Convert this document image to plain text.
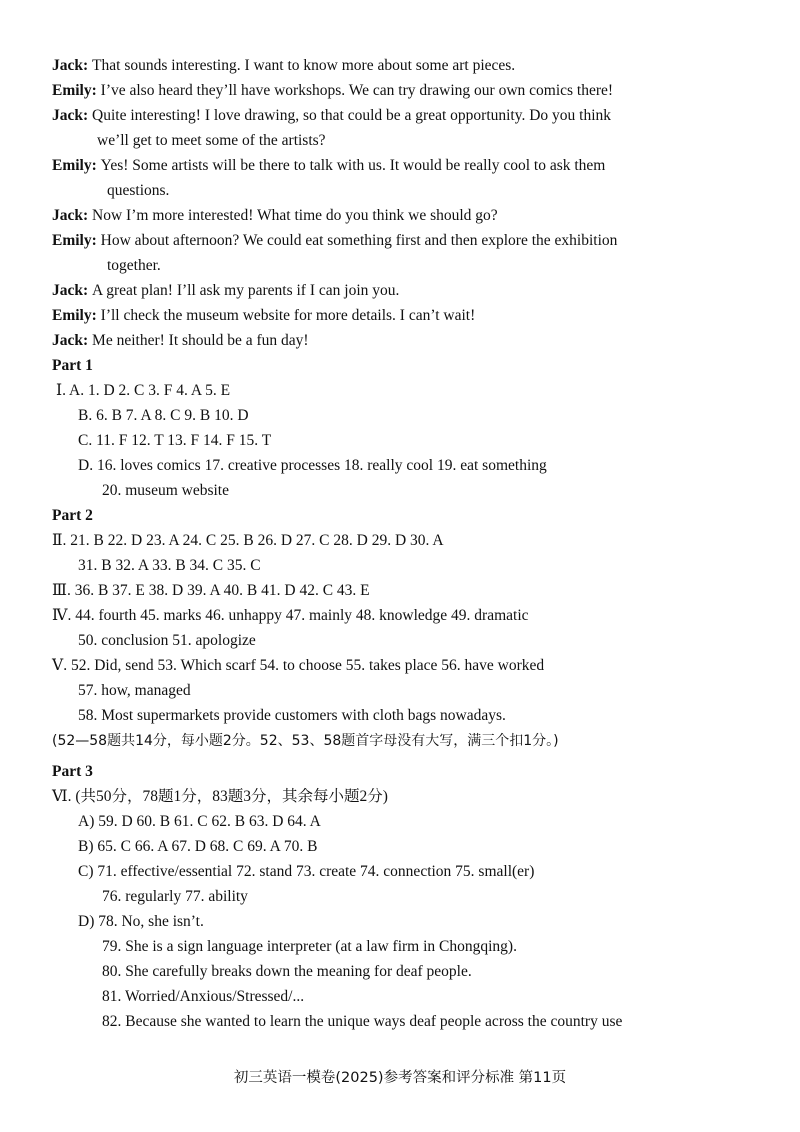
Jack: That sounds interesting. I want to know more about some art pieces.
Emily: I’ve also heard they’ll have workshops. We can try drawing our own comics there!
Jack: Quite interesting! I love drawing, so that could be a great opportunity. Do you think
we’ll get to meet some of the artists?
Emily: Yes! Some artists will be there to talk with us. It would be really cool to ask them
questions.
Jack: Now I’m more interested! What time do you think we should go?
Emily: How about afternoon? We could eat something first and then explore the exhibition
together.
Jack: A great plan! I’ll ask my parents if I can join you.
Emily: I’ll check the museum website for more details. I can’t wait!
Jack: Me neither! It should be a fun day!
Part 1
Ⅰ. A. 1. D 2. C 3. F 4. A 5. E
B. 6. B 7. A 8. C 9. B 10. D
C. 11. F 12. T 13. F 14. F 15. T
D. 16. loves comics 17. creative processes 18. really cool 19. eat something
20. museum website
Part 2
Ⅱ. 21. B 22. D 23. A 24. C 25. B 26. D 27. C 28. D 29. D 30. A
31. B 32. A 33. B 34. C 35. C
Ⅲ. 36. B 37. E 38. D 39. A 40. B 41. D 42. C 43. E
Ⅳ. 44. fourth 45. marks 46. unhappy 47. mainly 48. knowledge 49. dramatic
50. conclusion 51. apologize
Ⅴ. 52. Did, send 53. Which scarf 54. to choose 55. takes place 56. have worked
57. how, managed
58. Most supermarkets provide customers with cloth bags nowadays.
(52—58题共14分，每小题2分。52、53、58题首字母没有大写，满三个扣1分。)
Part 3
Ⅵ. (共50分，78题1分，83题3分，其余每小题2分)
A) 59. D 60. B 61. C 62. B 63. D 64. A
B) 65. C 66. A 67. D 68. C 69. A 70. B
C) 71. effective/essential 72. stand 73. create 74. connection 75. small(er)
76. regularly 77. ability
D) 78. No, she isn’t.
79. She is a sign language interpreter (at a law firm in Chongqing).
80. She carefully breaks down the meaning for deaf people.
81. Worried/Anxious/Stressed/...
82. Because she wanted to learn the unique ways deaf people across the country use
初三英语一模卷(2025)参考答案和评分标准 第11页
